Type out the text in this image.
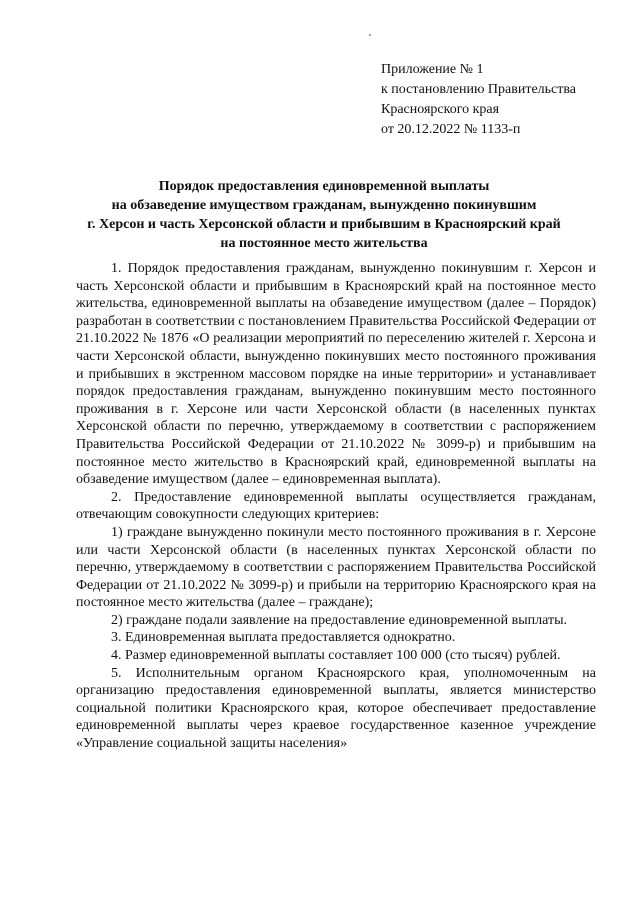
Приложение № 1
к постановлению Правительства
Красноярского края
от 20.12.2022 № 1133-п
Порядок предоставления единовременной выплаты
на обзаведение имуществом гражданам, вынужденно покинувшим
г. Херсон и часть Херсонской области и прибывшим в Красноярский край
на постоянное место жительства

1. Порядок предоставления гражданам, вынужденно покинувшим г. Херсон и часть Херсонской области и прибывшим в Красноярский край на постоянное место жительства, единовременной выплаты на обзаведение имуществом (далее – Порядок) разработан в соответствии с постановлением Правительства Российской Федерации от 21.10.2022 № 1876 «О реализации мероприятий по переселению жителей г. Херсона и части Херсонской области, вынужденно покинувших место постоянного проживания и прибывших в экстренном массовом порядке на иные территории» и устанавливает порядок предоставления гражданам, вынужденно покинувшим место постоянного проживания в г. Херсоне или части Херсонской области (в населенных пунктах Херсонской области по перечню, утверждаемому в соответствии с распоряжением Правительства Российской Федерации от 21.10.2022 № 3099-р) и прибывшим на постоянное место жительство в Красноярский край, единовременной выплаты на обзаведение имуществом (далее – единовременная выплата).

2. Предоставление единовременной выплаты осуществляется гражданам, отвечающим совокупности следующих критериев:

1) граждане вынужденно покинули место постоянного проживания в г. Херсоне или части Херсонской области (в населенных пунктах Херсонской области по перечню, утверждаемому в соответствии с распоряжением Правительства Российской Федерации от 21.10.2022 № 3099-р) и прибыли на территорию Красноярского края на постоянное место жительства (далее – граждане);

2) граждане подали заявление на предоставление единовременной выплаты.

3. Единовременная выплата предоставляется однократно.

4. Размер единовременной выплаты составляет 100 000 (сто тысяч) рублей.

5. Исполнительным органом Красноярского края, уполномоченным на организацию предоставления единовременной выплаты, является министерство социальной политики Красноярского края, которое обеспечивает предоставление единовременной выплаты через краевое государственное казенное учреждение «Управление социальной защиты населения»
